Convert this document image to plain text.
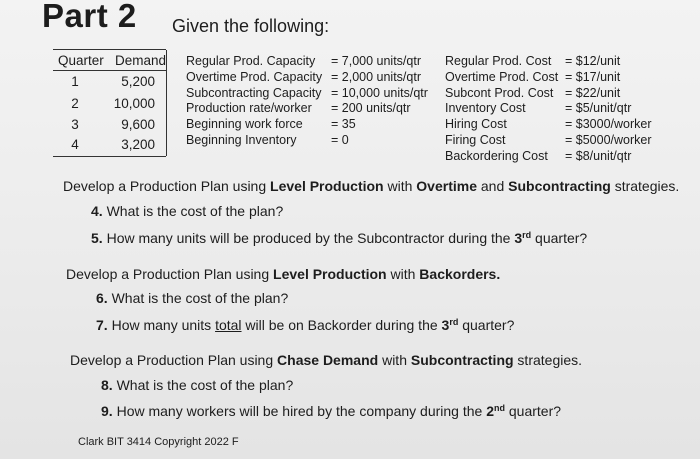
Part 2 Given the following:
Quarter Demand
1	5,200
2	10,000
3	9,600
4	3,200
Regular Prod. Capacity = 7,000 units/qtr
Overtime Prod. Capacity = 2,000 units/qtr
Subcontracting Capacity = 10,000 units/qtr
Production rate/worker = 200 units/qtr
Beginning work force = 35
Beginning Inventory	= 0
Regular Prod. Cost = $12/unit
Overtime Prod. Cost = $17/unit
Subcont Prod. Cost = $22/unit
Inventory Cost	= $5/unit/qtr
Hiring Cost	= $3000/worker
Firing Cost	= $5000/worker
Backordering Cost = $8/unit/qtr
Develop a Production Plan using Level Production with Overtime and Subcontracting strategies.
4. What is the cost of the plan?
5. How many units will be produced by the Subcontractor during the 3rd quarter?
Develop a Production Plan using Level Production with Backorders.
6. What is the cost of the plan?
7. How many units total will be on Backorder during the 3rd quarter?
Develop a Production Plan using Chase Demand with Subcontracting strategies.
8. What is the cost of the plan?
9. How many workers will be hired by the company during the 2nd quarter?
Clark BIT 3414 Copyright 2022 F
